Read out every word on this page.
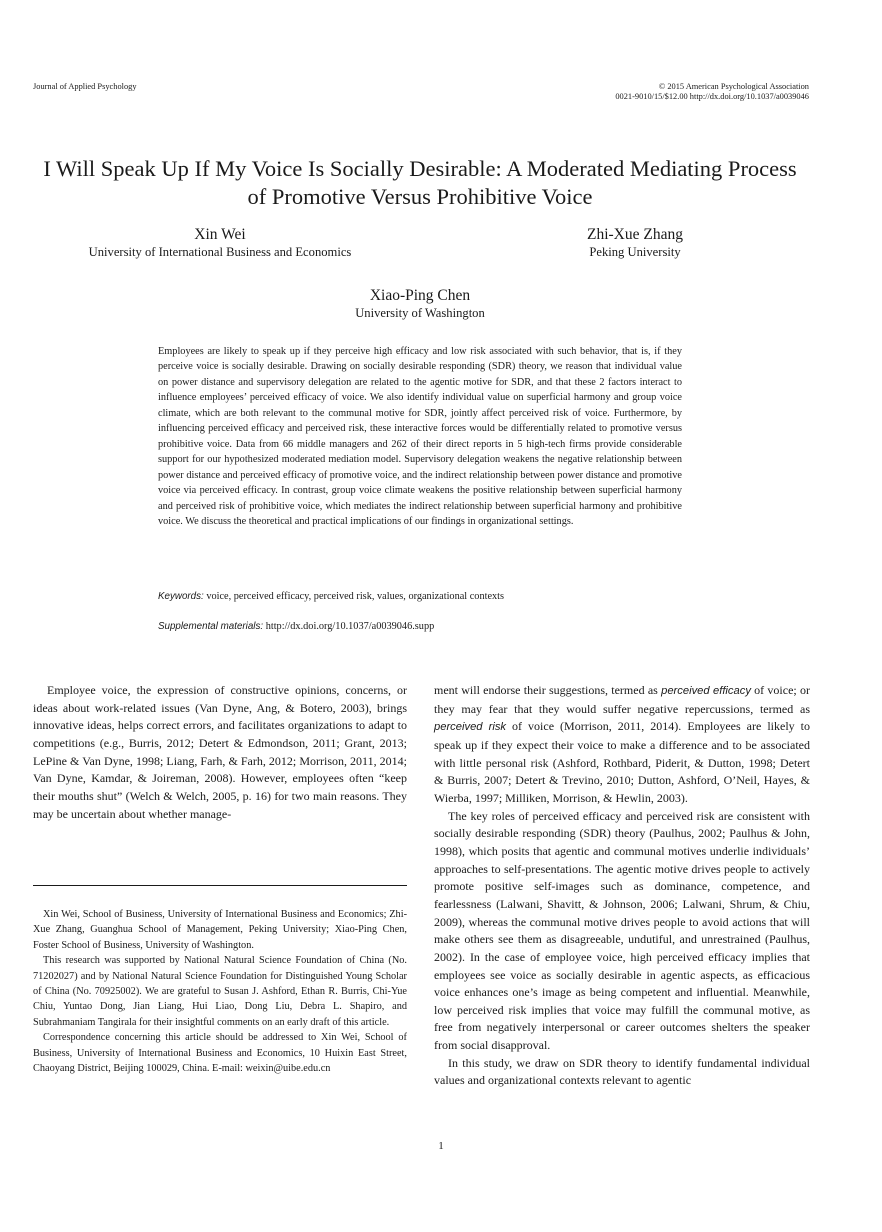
Journal of Applied Psychology	© 2015 American Psychological Association
0021-9010/15/$12.00 http://dx.doi.org/10.1037/a0039046
I Will Speak Up If My Voice Is Socially Desirable: A Moderated Mediating Process of Promotive Versus Prohibitive Voice
Xin Wei
University of International Business and Economics
Zhi-Xue Zhang
Peking University
Xiao-Ping Chen
University of Washington

Employees are likely to speak up if they perceive high efficacy and low risk associated with such behavior, that is, if they perceive voice is socially desirable. Drawing on socially desirable responding (SDR) theory, we reason that individual value on power distance and supervisory delegation are related to the agentic motive for SDR, and that these 2 factors interact to influence employees’ perceived efficacy of voice. We also identify individual value on superficial harmony and group voice climate, which are both relevant to the communal motive for SDR, jointly affect perceived risk of voice. Furthermore, by influencing perceived efficacy and perceived risk, these interactive forces would be differentially related to promotive versus prohibitive voice. Data from 66 middle managers and 262 of their direct reports in 5 high-tech firms provide considerable support for our hypothesized moderated mediation model. Supervisory delegation weakens the negative relationship between power distance and perceived efficacy of promotive voice, and the indirect relationship between power distance and promotive voice via perceived efficacy. In contrast, group voice climate weakens the positive relationship between superficial harmony and perceived risk of prohibitive voice, which mediates the indirect relationship between superficial harmony and prohibitive voice. We discuss the theoretical and practical implications of our findings in organizational settings.

Keywords: voice, perceived efficacy, perceived risk, values, organizational contexts
Supplemental materials: http://dx.doi.org/10.1037/a0039046.supp

Employee voice, the expression of constructive opinions, concerns, or ideas about work-related issues (Van Dyne, Ang, & Botero, 2003), brings innovative ideas, helps correct errors, and facilitates organizations to adapt to competitions (e.g., Burris, 2012; Detert & Edmondson, 2011; Grant, 2013; LePine & Van Dyne, 1998; Liang, Farh, & Farh, 2012; Morrison, 2011, 2014; Van Dyne, Kamdar, & Joireman, 2008). However, employees often “keep their mouths shut” (Welch & Welch, 2005, p. 16) for two main reasons. They may be uncertain about whether manage-

Xin Wei, School of Business, University of International Business and Economics; Zhi-Xue Zhang, Guanghua School of Management, Peking University; Xiao-Ping Chen, Foster School of Business, University of Washington.

This research was supported by National Natural Science Foundation of China (No. 71202027) and by National Natural Science Foundation for Distinguished Young Scholar of China (No. 70925002). We are grateful to Susan J. Ashford, Ethan R. Burris, Chi-Yue Chiu, Yuntao Dong, Jian Liang, Hui Liao, Dong Liu, Debra L. Shapiro, and Subrahmaniam Tangirala for their insightful comments on an early draft of this article.

Correspondence concerning this article should be addressed to Xin Wei, School of Business, University of International Business and Economics, 10 Huixin East Street, Chaoyang District, Beijing 100029, China. E-mail: weixin@uibe.edu.cn

ment will endorse their suggestions, termed as perceived efficacy of voice; or they may fear that they would suffer negative repercussions, termed as perceived risk of voice (Morrison, 2011, 2014). Employees are likely to speak up if they expect their voice to make a difference and to be associated with little personal risk (Ashford, Rothbard, Piderit, & Dutton, 1998; Detert & Burris, 2007; Detert & Trevino, 2010; Dutton, Ashford, O’Neil, Hayes, & Wierba, 1997; Milliken, Morrison, & Hewlin, 2003).

The key roles of perceived efficacy and perceived risk are consistent with socially desirable responding (SDR) theory (Paulhus, 2002; Paulhus & John, 1998), which posits that agentic and communal motives underlie individuals’ approaches to self-presentations. The agentic motive drives people to actively promote positive self-images such as dominance, competence, and fearlessness (Lalwani, Shavitt, & Johnson, 2006; Lalwani, Shrum, & Chiu, 2009), whereas the communal motive drives people to avoid actions that will make others see them as disagreeable, undutiful, and unrestrained (Paulhus, 2002). In the case of employee voice, high perceived efficacy implies that employees see voice as socially desirable in agentic aspects, as efficacious voice enhances one’s image as being competent and influential. Meanwhile, low perceived risk implies that voice may fulfill the communal motive, as free from negatively interpersonal or career outcomes shelters the speaker from social disapproval.

In this study, we draw on SDR theory to identify fundamental individual values and organizational contexts relevant to agentic

1
